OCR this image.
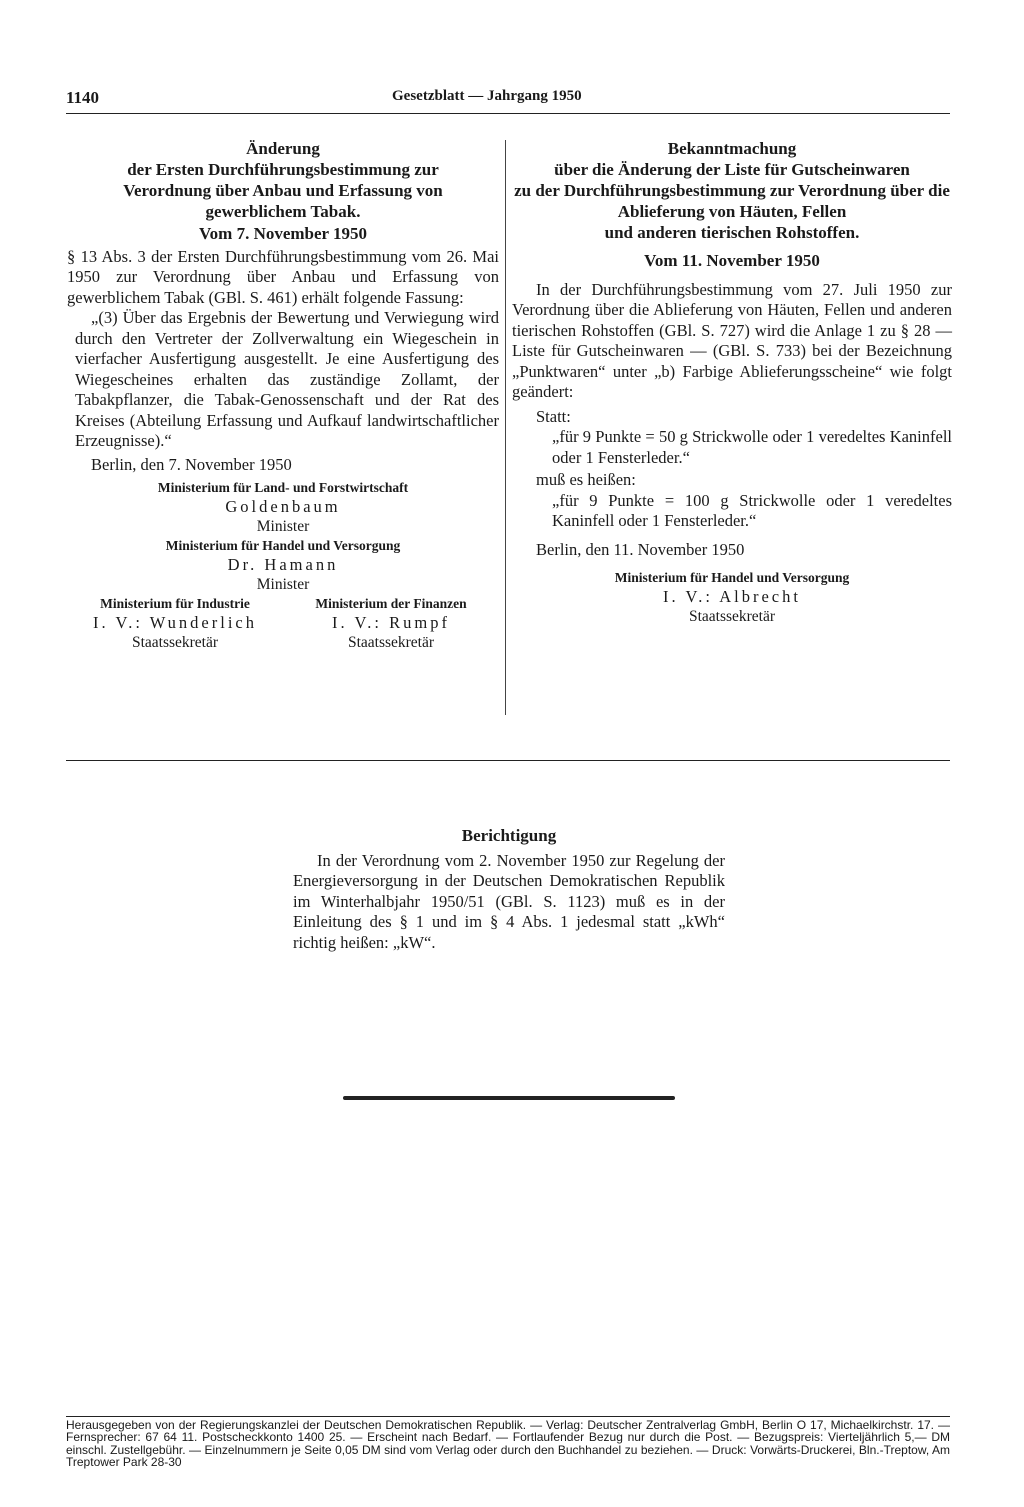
1140	Gesetzblatt — Jahrgang 1950
Änderung
der Ersten Durchführungsbestimmung zur
Verordnung über Anbau und Erfassung von
gewerblichem Tabak.
Vom 7. November 1950

§ 13 Abs. 3 der Ersten Durchführungsbestimmung vom 26. Mai 1950 zur Verordnung über Anbau und Erfassung von gewerblichem Tabak (GBl. S. 461) erhält folgende Fassung:

„(3) Über das Ergebnis der Bewertung und Verwiegung wird durch den Vertreter der Zollverwaltung ein Wiegeschein in vierfacher Ausfertigung ausgestellt. Je eine Ausfertigung des Wiegescheines erhalten das zuständige Zollamt, der Tabakpflanzer, die Tabak-Genossenschaft und der Rat des Kreises (Abteilung Erfassung und Aufkauf landwirtschaftlicher Erzeugnisse).“

Berlin, den 7. November 1950

Ministerium für Land- und Forstwirtschaft
Goldenbaum
Minister
Ministerium für Handel und Versorgung
Dr. Hamann
Minister
Ministerium für Industrie
I. V.: Wunderlich
Staatssekretär
Ministerium der Finanzen
I. V.: Rumpf
Staatssekretär
Bekanntmachung
über die Änderung der Liste für Gutscheinwaren
zu der Durchführungsbestimmung zur Verordnung über die Ablieferung von Häuten, Fellen
und anderen tierischen Rohstoffen.
Vom 11. November 1950

In der Durchführungsbestimmung vom 27. Juli 1950 zur Verordnung über die Ablieferung von Häuten, Fellen und anderen tierischen Rohstoffen (GBl. S. 727) wird die Anlage 1 zu § 28 — Liste für Gutscheinwaren — (GBl. S. 733) bei der Bezeichnung „Punktwaren“ unter „b) Farbige Ablieferungsscheine“ wie folgt geändert:

Statt:

„für 9 Punkte = 50 g Strickwolle oder 1 veredeltes Kaninfell oder 1 Fensterleder.“

muß es heißen:

„für 9 Punkte = 100 g Strickwolle oder 1 veredeltes Kaninfell oder 1 Fensterleder.“

Berlin, den 11. November 1950

Ministerium für Handel und Versorgung
I. V.: Albrecht
Staatssekretär
Berichtigung

In der Verordnung vom 2. November 1950 zur Regelung der Energieversorgung in der Deutschen Demokratischen Republik im Winterhalbjahr 1950/51 (GBl. S. 1123) muß es in der Einleitung des § 1 und im § 4 Abs. 1 jedesmal statt „kWh“ richtig heißen: „kW“.

Herausgegeben von der Regierungskanzlei der Deutschen Demokratischen Republik. — Verlag: Deutscher Zentralverlag GmbH, Berlin O 17, Michaelkirchstr. 17. — Fernsprecher: 67 64 11. Postscheckkonto 1400 25. — Erscheint nach Bedarf. — Fortlaufender Bezug nur durch die Post. — Bezugspreis: Vierteljährlich 5,— DM einschl. Zustellgebühr. — Einzelnummern je Seite 0,05 DM sind vom Verlag oder durch den Buchhandel zu beziehen. — Druck: Vorwärts-Druckerei, Bln.-Treptow, Am Treptower Park 28-30
